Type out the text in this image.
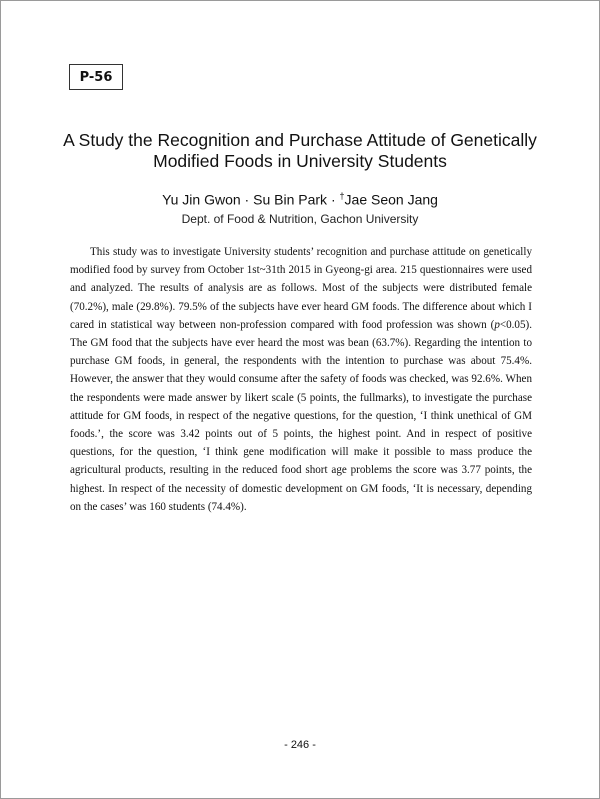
P-56
A Study the Recognition and Purchase Attitude of Genetically
Modified Foods in University Students
Yu Jin Gwon · Su Bin Park · †Jae Seon Jang
Dept. of Food & Nutrition, Gachon University

This study was to investigate University students’ recognition and purchase attitude on genetically modified food by survey from October 1st~31th 2015 in Gyeong-gi area. 215 questionnaires were used and analyzed. The results of analysis are as follows. Most of the subjects were distributed female (70.2%), male (29.8%). 79.5% of the subjects have ever heard GM foods. The difference about which I cared in statistical way between non-profession compared with food profession was shown (p<0.05). The GM food that the subjects have ever heard the most was bean (63.7%). Regarding the intention to purchase GM foods, in general, the respondents with the intention to purchase was about 75.4%. However, the answer that they would consume after the safety of foods was checked, was 92.6%. When the respondents were made answer by likert scale (5 points, the fullmarks), to investigate the purchase attitude for GM foods, in respect of the negative questions, for the question, ‘I think unethical of GM foods.’, the score was 3.42 points out of 5 points, the highest point. And in respect of positive questions, for the question, ‘I think gene modification will make it possible to mass produce the agricultural products, resulting in the reduced food short age problems the score was 3.77 points, the highest. In respect of the necessity of domestic development on GM foods, ‘It is necessary, depending on the cases’ was 160 students (74.4%).

- 246 -
